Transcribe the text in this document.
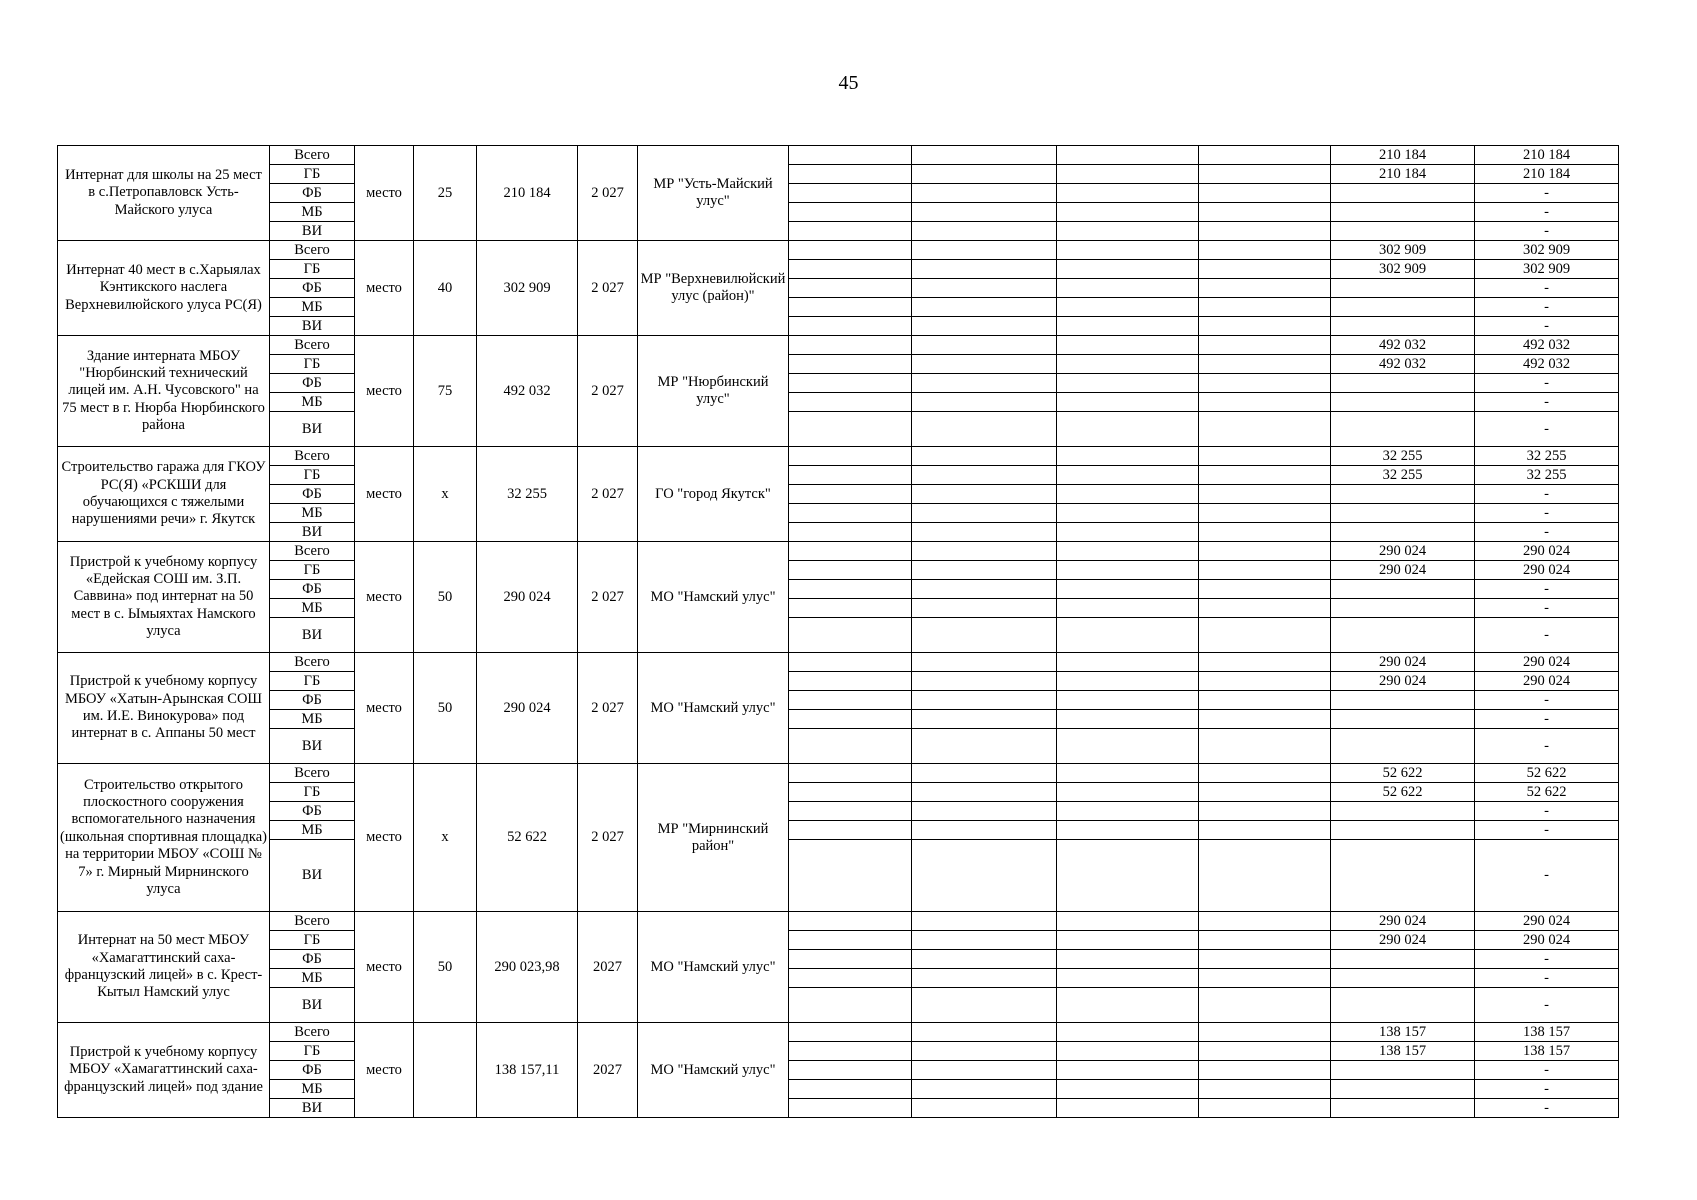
45
Интернат для школы на 25 мест в с.Петропавловск Усть-Майского улуса	Всего	место	25	210 184	2 027	МР "Усть-Майский улус"					210 184	210 184
	ГБ										210 184	210 184
	ФБ											-
	МБ											-
	ВИ											-
Интернат 40 мест в с.Харыялах Кэнтикского наслега Верхневилюйского улуса РС(Я)	Всего	место	40	302 909	2 027	МР "Верхневилюйский улус (район)"					302 909	302 909
	ГБ										302 909	302 909
	ФБ											-
	МБ											-
	ВИ											-
Здание интерната МБОУ "Нюрбинский технический лицей им. А.Н. Чусовского" на 75 мест в г. Нюрба Нюрбинского района	Всего	место	75	492 032	2 027	МР "Нюрбинский улус"					492 032	492 032
	ГБ										492 032	492 032
	ФБ											-
	МБ											-
	ВИ											-
Строительство гаража для ГКОУ РС(Я) «РСКШИ для обучающихся с тяжелыми нарушениями речи» г. Якутск	Всего	место	х	32 255	2 027	ГО "город Якутск"					32 255	32 255
	ГБ										32 255	32 255
	ФБ											-
	МБ											-
	ВИ											-
Пристрой к учебному корпусу «Едейская СОШ им. З.П. Саввина» под интернат на 50 мест в с. Ымыяхтах Намского улуса	Всего	место	50	290 024	2 027	МО "Намский улус"					290 024	290 024
	ГБ										290 024	290 024
	ФБ											-
	МБ											-
	ВИ											-
Пристрой к учебному корпусу МБОУ «Хатын-Арынская СОШ им. И.Е. Винокурова» под интернат в с. Аппаны 50 мест	Всего	место	50	290 024	2 027	МО "Намский улус"					290 024	290 024
	ГБ										290 024	290 024
	ФБ											-
	МБ											-
	ВИ											-
Строительство открытого плоскостного сооружения вспомогательного назначения (школьная спортивная площадка) на территории МБОУ «СОШ № 7» г. Мирный Мирнинского улуса	Всего	место	х	52 622	2 027	МР "Мирнинский район"					52 622	52 622
	ГБ										52 622	52 622
	ФБ											-
	МБ											-
	ВИ											-
Интернат на 50 мест МБОУ «Хамагаттинский саха-французский лицей» в с. Крест-Кытыл Намский улус	Всего	место	50	290 023,98	2027	МО "Намский улус"					290 024	290 024
	ГБ										290 024	290 024
	ФБ											-
	МБ											-
	ВИ											-
Пристрой к учебному корпусу МБОУ «Хамагаттинский саха-французский лицей» под здание	Всего	место		138 157,11	2027	МО "Намский улус"					138 157	138 157
	ГБ										138 157	138 157
	ФБ											-
	МБ											-
	ВИ											-
